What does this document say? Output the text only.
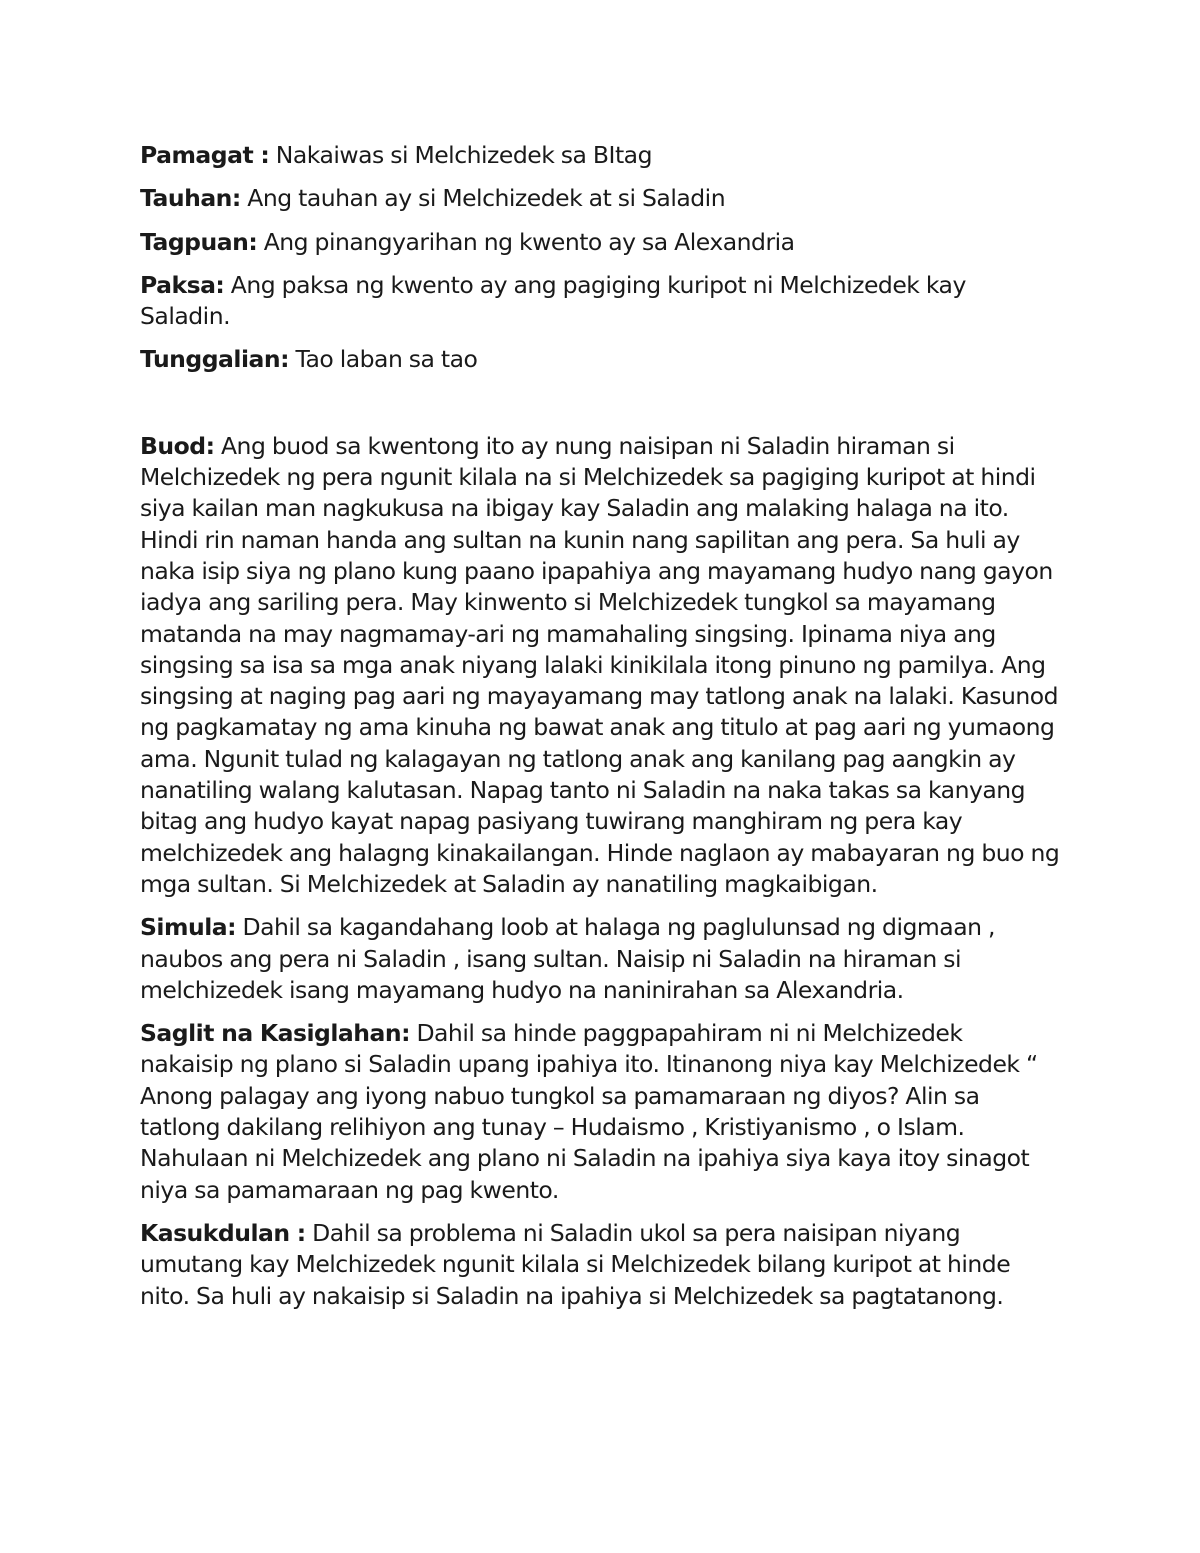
Pamagat : Nakaiwas si Melchizedek sa BItag

Tauhan: Ang tauhan ay si Melchizedek at si Saladin

Tagpuan: Ang pinangyarihan ng kwento ay sa Alexandria

Paksa: Ang paksa ng kwento ay ang pagiging kuripot ni Melchizedek kay Saladin.

Tunggalian: Tao laban sa tao

Buod: Ang buod sa kwentong ito ay nung naisipan ni Saladin hiraman si Melchizedek ng pera ngunit kilala na si Melchizedek sa pagiging kuripot at hindi siya kailan man nagkukusa na ibigay kay Saladin ang malaking halaga na ito. Hindi rin naman handa ang sultan na kunin nang sapilitan ang pera. Sa huli ay naka isip siya ng plano kung paano ipapahiya ang mayamang hudyo nang gayon iadya ang sariling pera. May kinwento si Melchizedek tungkol sa mayamang matanda na may nagmamay-ari ng mamahaling singsing. Ipinama niya ang singsing sa isa sa mga anak niyang lalaki kinikilala itong pinuno ng pamilya. Ang singsing at naging pag aari ng mayayamang may tatlong anak na lalaki. Kasunod ng pagkamatay ng ama kinuha ng bawat anak ang titulo at pag aari ng yumaong ama. Ngunit tulad ng kalagayan ng tatlong anak ang kanilang pag aangkin ay nanatiling walang kalutasan. Napag tanto ni Saladin na naka takas sa kanyang bitag ang hudyo kayat napag pasiyang tuwirang manghiram ng pera kay melchizedek ang halagng kinakailangan. Hinde naglaon ay mabayaran ng buo ng mga sultan. Si Melchizedek at Saladin ay nanatiling magkaibigan.

Simula: Dahil sa kagandahang loob at halaga ng paglulunsad ng digmaan , naubos ang pera ni Saladin , isang sultan. Naisip ni Saladin na hiraman si melchizedek isang mayamang hudyo na naninirahan sa Alexandria.

Saglit na Kasiglahan: Dahil sa hinde paggpapahiram ni ni Melchizedek nakaisip ng plano si Saladin upang ipahiya ito. Itinanong niya kay Melchizedek “ Anong palagay ang iyong nabuo tungkol sa pamamaraan ng diyos? Alin sa tatlong dakilang relihiyon ang tunay – Hudaismo , Kristiyanismo , o Islam. Nahulaan ni Melchizedek ang plano ni Saladin na ipahiya siya kaya itoy sinagot niya sa pamamaraan ng pag kwento.

Kasukdulan : Dahil sa problema ni Saladin ukol sa pera naisipan niyang umutang kay Melchizedek ngunit kilala si Melchizedek bilang kuripot at hinde nito. Sa huli ay nakaisip si Saladin na ipahiya si Melchizedek sa pagtatanong.
